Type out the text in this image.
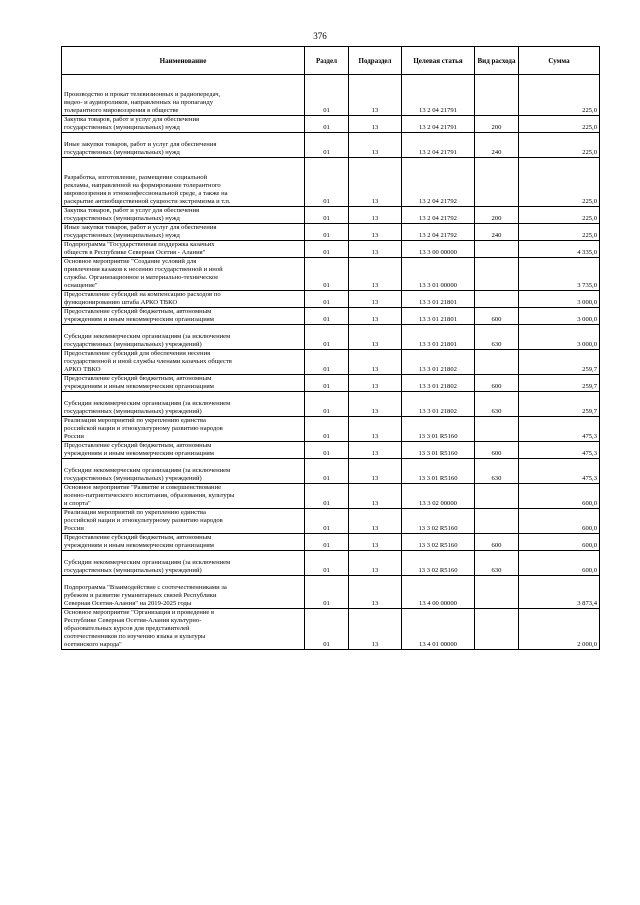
376
Наименование	Раздел	Подраздел	Целевая статья	Вид расхода	Сумма

Производство и прокат телевизионных и радиопередач,
видео- и аудиороликов, направленных на пропаганду
толерантного мировоззрения в обществе	01	13	13 2 04 21791		225,0

Закупка товаров, работ и услуг для обеспечения
государственных (муниципальных) нужд	01	13	13 2 04 21791	200	225,0

Иные закупки товаров, работ и услуг для обеспечения
государственных (муниципальных) нужд	01	13	13 2 04 21791	240	225,0

Разработка, изготовление, размещение социальной
рекламы, направленной на формирование толерантного
мировоззрения в этноконфессиональной среде, а также на
раскрытие антиобщественной сущности экстремизма и т.п.	01	13	13 2 04 21792		225,0

Закупка товаров, работ и услуг для обеспечения
государственных (муниципальных) нужд	01	13	13 2 04 21792	200	225,0

Иные закупки товаров, работ и услуг для обеспечения
государственных (муниципальных) нужд	01	13	13 2 04 21792	240	225,0

Подпрограмма "Государственная поддержка казачьих
обществ в Республике Северная Осетия - Алания"	01	13	13 3 00 00000		4 335,0

Основное мероприятие "Создание условий для
привлечения казаков к несению государственной и иной
службы. Организационное и материально-техническое
оснащение"	01	13	13 3 01 00000		3 735,0

Предоставление субсидий на компенсацию расходов по
функционированию штаба АРКО ТВКО	01	13	13 3 01 21801		3 000,0

Предоставление субсидий бюджетным, автономным
учреждениям и иным некоммерческим организациям	01	13	13 3 01 21801	600	3 000,0

Субсидии некоммерческим организациям (за исключением
государственных (муниципальных) учреждений)	01	13	13 3 01 21801	630	3 000,0

Предоставление субсидий для обеспечения несения
государственной и иной службы членами казачьих обществ
АРКО ТВКО	01	13	13 3 01 21802		259,7

Предоставление субсидий бюджетным, автономным
учреждениям и иным некоммерческим организациям	01	13	13 3 01 21802	600	259,7

Субсидии некоммерческим организациям (за исключением
государственных (муниципальных) учреждений)	01	13	13 3 01 21802	630	259,7

Реализация мероприятий по укреплению единства
российской нации и этнокультурному развитию народов
России	01	13	13 3 01 R5160		475,3

Предоставление субсидий бюджетным, автономным
учреждениям и иным некоммерческим организациям	01	13	13 3 01 R5160	600	475,3

Субсидии некоммерческим организациям (за исключением
государственных (муниципальных) учреждений)	01	13	13 3 01 R5160	630	475,3

Основное мероприятие "Развитие и совершенствование
военно-патриотического воспитания, образования, культуры
и спорта"	01	13	13 3 02 00000		600,0

Реализация мероприятий по укреплению единства
российской нации и этнокультурному развитию народов
России	01	13	13 3 02 R5160		600,0

Предоставление субсидий бюджетным, автономным
учреждениям и иным некоммерческим организациям	01	13	13 3 02 R5160	600	600,0

Субсидии некоммерческим организациям (за исключением
государственных (муниципальных) учреждений)	01	13	13 3 02 R5160	630	600,0

Подпрограмма "Взаимодействие с соотечественниками за
рубежом и развитие гуманитарных связей Республики
Северная Осетия-Алания" на 2019-2025 годы	01	13	13 4 00 00000		3 873,4

Основное мероприятие "Организация и проведение в
Республике Северная Осетия-Алания культурно-
образовательных курсов для представителей
соотечественников по изучению языка и культуры
осетинского народа"	01	13	13 4 01 00000		2 000,0
